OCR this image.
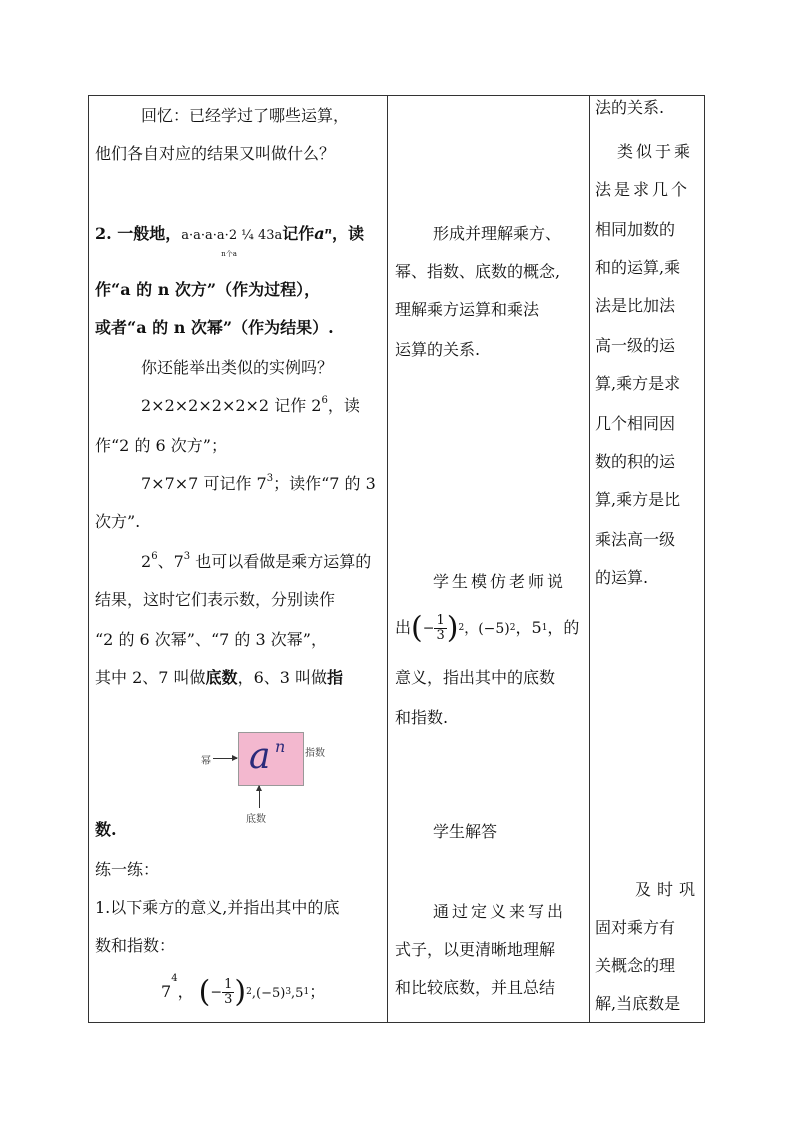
回忆：已经学过了哪些运算，
他们各自对应的结果又叫做什么？
2. 一般地，a·a·a·a·2 ¼ 43a
n个a
记作aⁿ，读
作“a 的 n 次方”（作为过程），
或者“a 的 n 次幂”（作为结果）.
你还能举出类似的实例吗？
2×2×2×2×2×2 记作 $2^6$，读
作“2 的 6 次方”；
7×7×7 可记作 $7^3$；读作“7 的 3
次方”.
$2^6$、$7^3$ 也可以看做是乘方运算的
结果，这时它们表示数，分别读作
“2 的 6 次幂”、“7 的 3 次幂”，
其中 2、7 叫做底数，6、3 叫做指
幂 a n 指数
底数
数.
练一练：
1.以下乘方的意义,并指出其中的底
数和指数：
$7^4$， (− $\frac{1}{3} )^2,(-5)^3,5^1$；
形成并理解乘方、
幂、指数、底数的概念,
理解乘方运算和乘法
运算的关系.
学生模仿老师说
出(− $\frac{1}{3} )^2$，$(-5)^2$，$5^1$，的
意义，指出其中的底数
和指数.
学生解答
通过定义来写出
式子，以更清晰地理解
和比较底数，并且总结
法的关系.
类似于乘
法是求几个
相同加数的
和的运算,乘
法是比加法
高一级的运
算,乘方是求
几个相同因
数的积的运
算,乘方是比
乘法高一级
的运算.
及时巩
固对乘方有
关概念的理
解,当底数是
